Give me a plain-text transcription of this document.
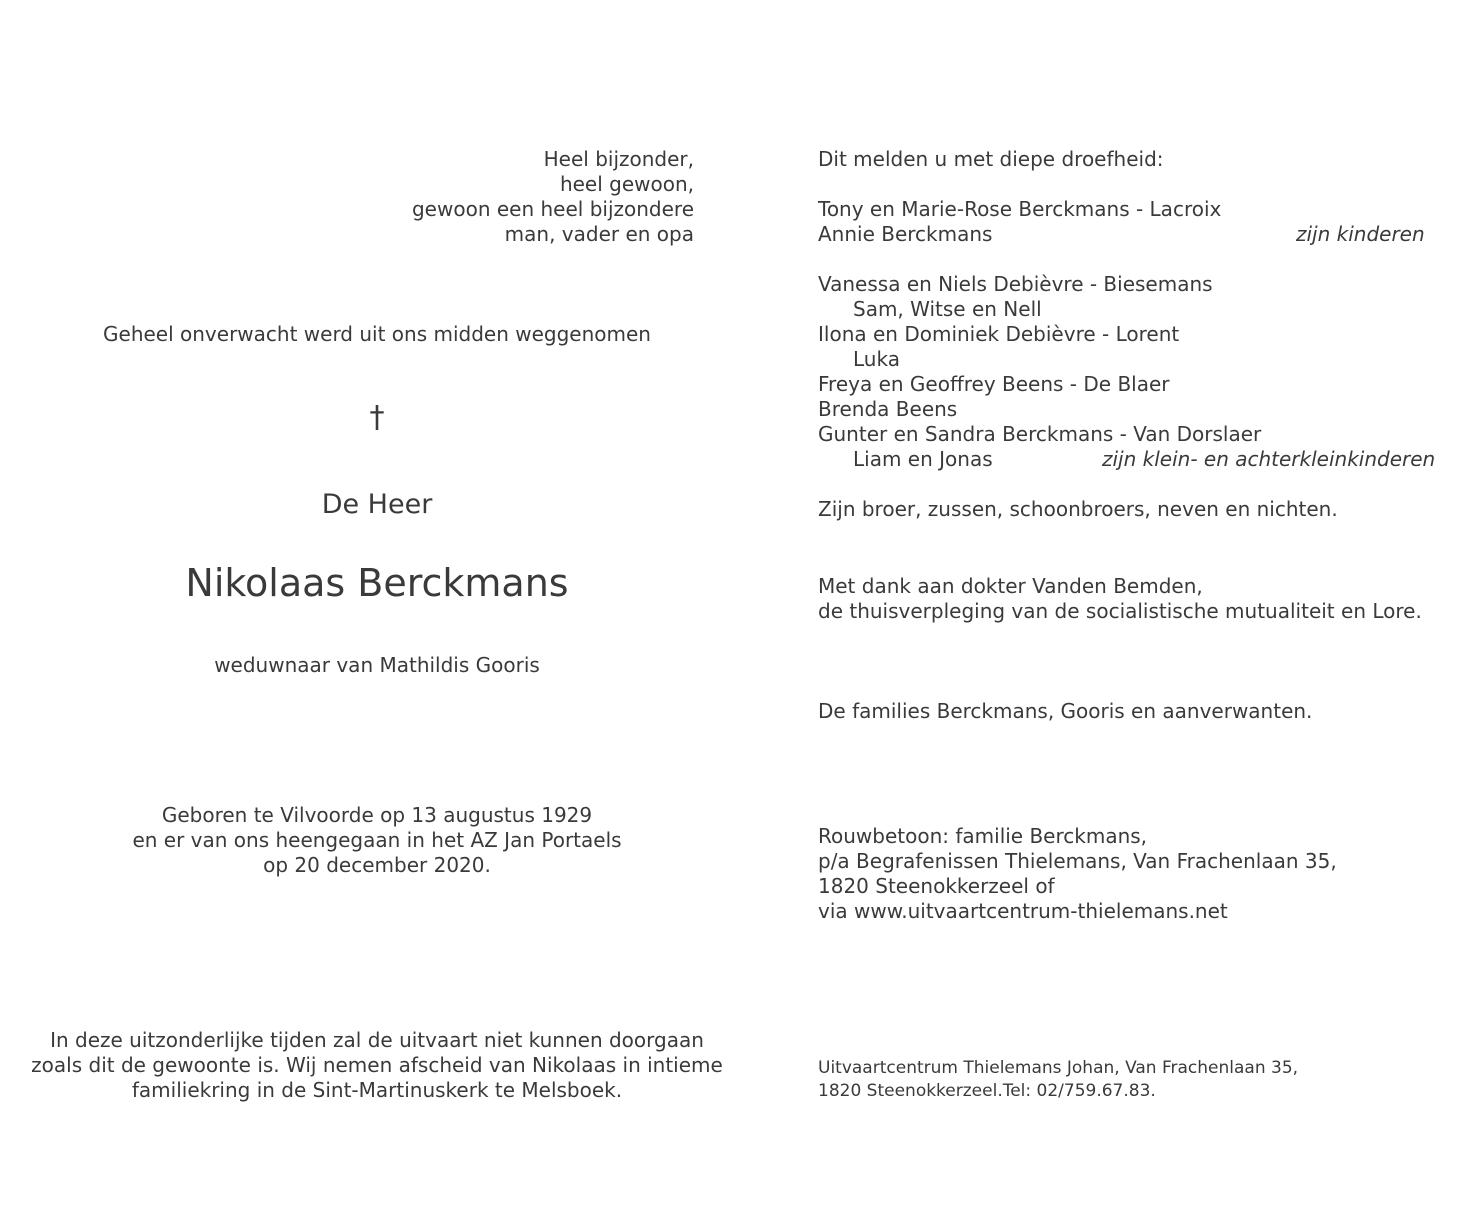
Heel bijzonder,
heel gewoon,
gewoon een heel bijzondere
man, vader en opa
Geheel onverwacht werd uit ons midden weggenomen
†
De Heer
Nikolaas Berckmans
weduwnaar van Mathildis Gooris
Geboren te Vilvoorde op 13 augustus 1929
en er van ons heengegaan in het AZ Jan Portaels
op 20 december 2020.
In deze uitzonderlijke tijden zal de uitvaart niet kunnen doorgaan
zoals dit de gewoonte is. Wij nemen afscheid van Nikolaas in intieme
familiekring in de Sint-Martinuskerk te Melsboek.
Dit melden u met diepe droefheid:
Tony en Marie-Rose Berckmans - Lacroix
Annie Berckmans	zijn kinderen
Vanessa en Niels Debièvre - Biesemans
Sam, Witse en Nell
Ilona en Dominiek Debièvre - Lorent
Luka
Freya en Geoffrey Beens - De Blaer
Brenda Beens
Gunter en Sandra Berckmans - Van Dorslaer
Liam en Jonas	zijn klein- en achterkleinkinderen
Zijn broer, zussen, schoonbroers, neven en nichten.
Met dank aan dokter Vanden Bemden,
de thuisverpleging van de socialistische mutualiteit en Lore.
De families Berckmans, Gooris en aanverwanten.
Rouwbetoon: familie Berckmans,
p/a Begrafenissen Thielemans, Van Frachenlaan 35,
1820 Steenokkerzeel of
via www.uitvaartcentrum-thielemans.net
Uitvaartcentrum Thielemans Johan, Van Frachenlaan 35,
1820 Steenokkerzeel.Tel: 02/759.67.83.
